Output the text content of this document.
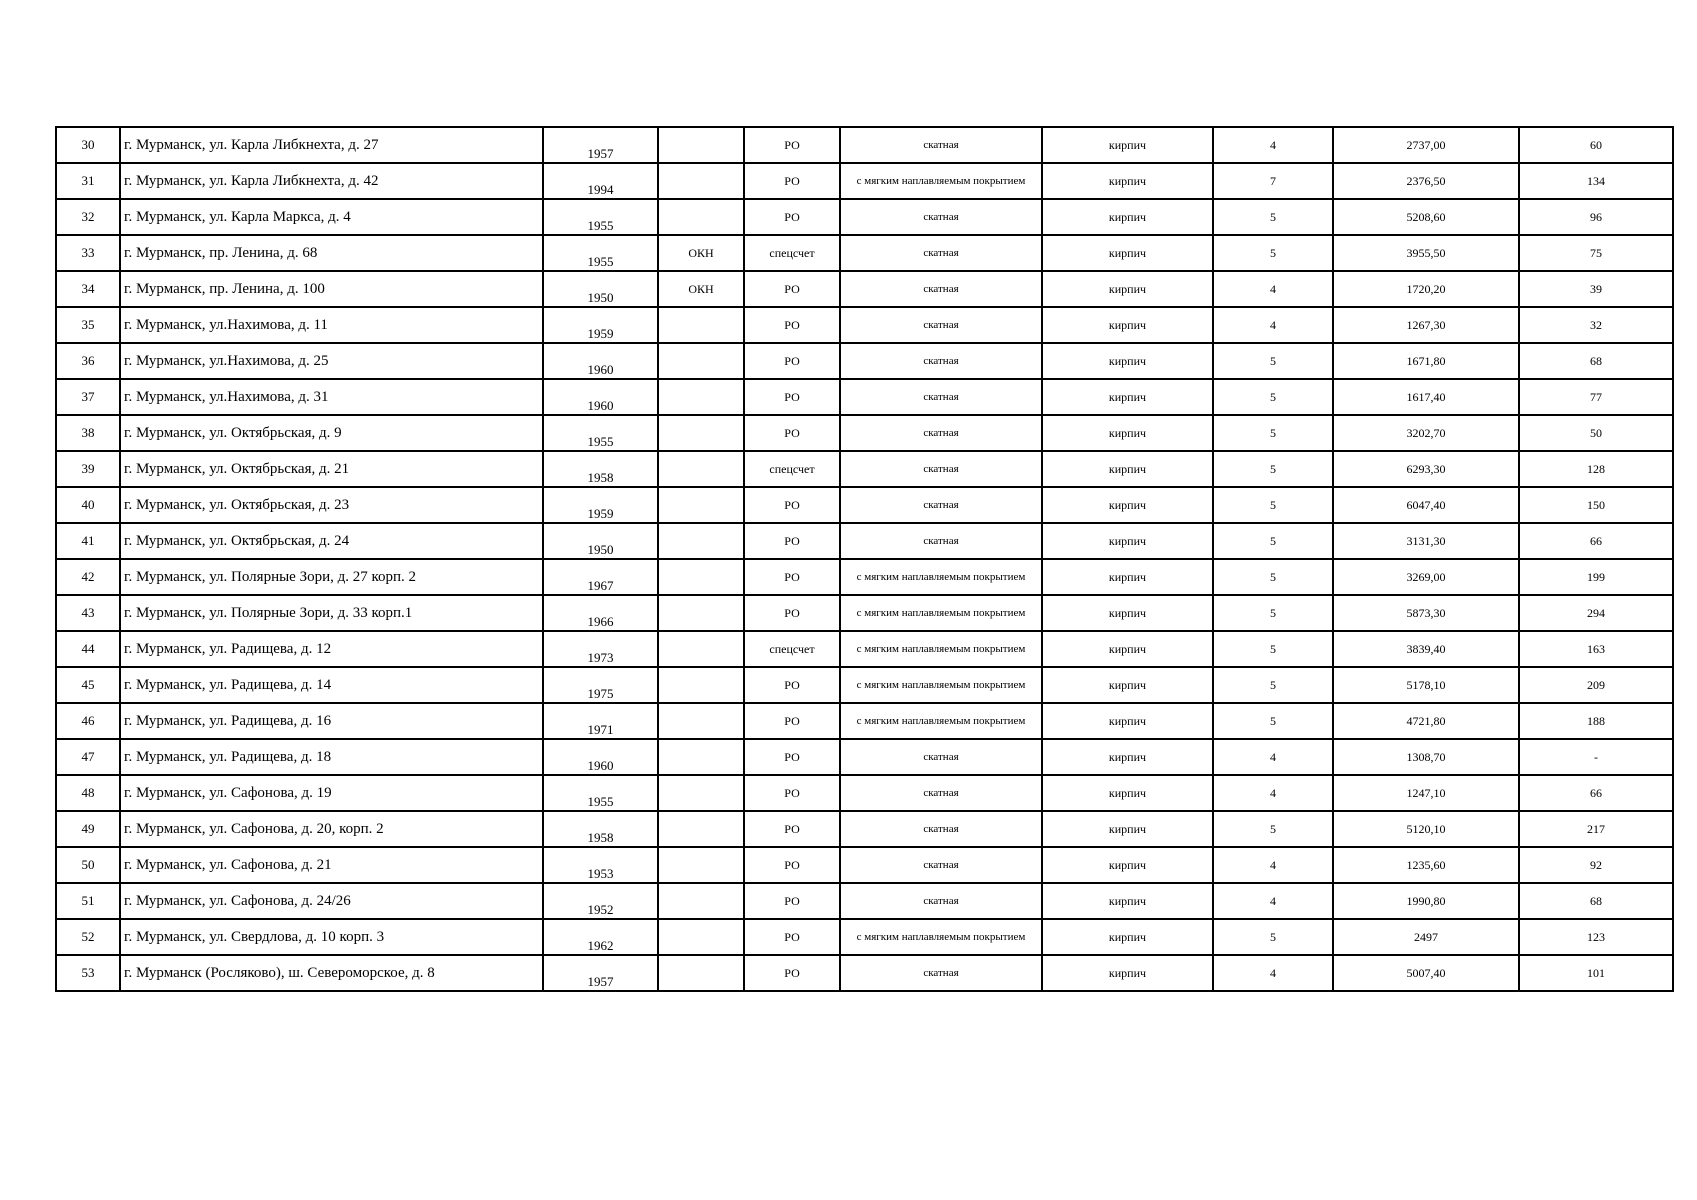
30	г. Мурманск, ул. Карла Либкнехта, д. 27	1957		РО	скатная	кирпич	4	2737,00	60
31	г. Мурманск, ул. Карла Либкнехта, д. 42	1994		РО	с мягким наплавляемым покрытием	кирпич	7	2376,50	134
32	г. Мурманск, ул. Карла Маркса, д. 4	1955		РО	скатная	кирпич	5	5208,60	96
33	г. Мурманск, пр. Ленина, д. 68	1955	ОКН	спецсчет	скатная	кирпич	5	3955,50	75
34	г. Мурманск, пр. Ленина, д. 100	1950	ОКН	РО	скатная	кирпич	4	1720,20	39
35	г. Мурманск, ул.Нахимова, д. 11	1959		РО	скатная	кирпич	4	1267,30	32
36	г. Мурманск, ул.Нахимова, д. 25	1960		РО	скатная	кирпич	5	1671,80	68
37	г. Мурманск, ул.Нахимова, д. 31	1960		РО	скатная	кирпич	5	1617,40	77
38	г. Мурманск, ул. Октябрьская, д. 9	1955		РО	скатная	кирпич	5	3202,70	50
39	г. Мурманск, ул. Октябрьская, д. 21	1958		спецсчет	скатная	кирпич	5	6293,30	128
40	г. Мурманск, ул. Октябрьская, д. 23	1959		РО	скатная	кирпич	5	6047,40	150
41	г. Мурманск, ул. Октябрьская, д. 24	1950		РО	скатная	кирпич	5	3131,30	66
42	г. Мурманск, ул. Полярные Зори, д. 27 корп. 2	1967		РО	с мягким наплавляемым покрытием	кирпич	5	3269,00	199
43	г. Мурманск, ул. Полярные Зори, д. 33 корп.1	1966		РО	с мягким наплавляемым покрытием	кирпич	5	5873,30	294
44	г. Мурманск, ул. Радищева, д. 12	1973		спецсчет	с мягким наплавляемым покрытием	кирпич	5	3839,40	163
45	г. Мурманск, ул. Радищева, д. 14	1975		РО	с мягким наплавляемым покрытием	кирпич	5	5178,10	209
46	г. Мурманск, ул. Радищева, д. 16	1971		РО	с мягким наплавляемым покрытием	кирпич	5	4721,80	188
47	г. Мурманск, ул. Радищева, д. 18	1960		РО	скатная	кирпич	4	1308,70	-
48	г. Мурманск, ул. Сафонова, д. 19	1955		РО	скатная	кирпич	4	1247,10	66
49	г. Мурманск, ул. Сафонова, д. 20, корп. 2	1958		РО	скатная	кирпич	5	5120,10	217
50	г. Мурманск, ул. Сафонова, д. 21	1953		РО	скатная	кирпич	4	1235,60	92
51	г. Мурманск, ул. Сафонова, д. 24/26	1952		РО	скатная	кирпич	4	1990,80	68
52	г. Мурманск, ул. Свердлова, д. 10 корп. 3	1962		РО	с мягким наплавляемым покрытием	кирпич	5	2497	123
53	г. Мурманск (Росляково), ш. Североморское, д. 8	1957		РО	скатная	кирпич	4	5007,40	101
